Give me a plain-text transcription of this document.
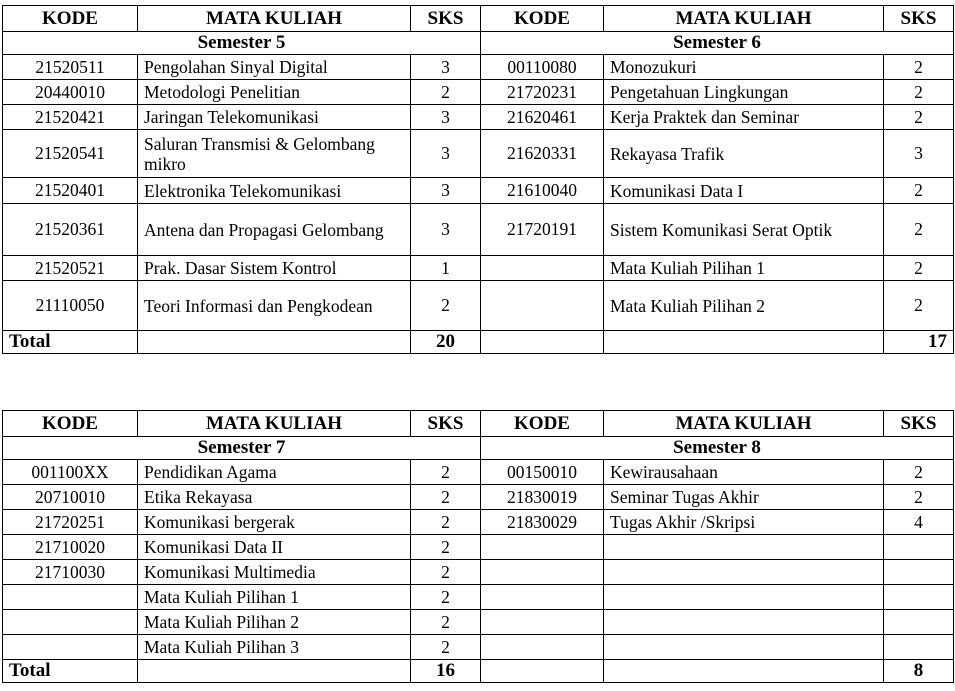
KODE	MATA KULIAH	SKS	KODE	MATA KULIAH	SKS
Semester 5			Semester 6		
21520511	Pengolahan Sinyal Digital	3	00110080	Monozukuri	2
20440010	Metodologi Penelitian	2	21720231	Pengetahuan Lingkungan	2
21520421	Jaringan Telekomunikasi	3	21620461	Kerja Praktek dan Seminar	2
21520541	Saluran Transmisi & Gelombang mikro	3	21620331	Rekayasa Trafik	3
21520401	Elektronika Telekomunikasi	3	21610040	Komunikasi Data I	2
21520361	Antena dan Propagasi Gelombang	3	21720191	Sistem Komunikasi Serat Optik	2
21520521	Prak. Dasar Sistem Kontrol	1		Mata Kuliah Pilihan 1	2
21110050	Teori Informasi dan Pengkodean	2		Mata Kuliah Pilihan 2	2
Total		20			17
KODE	MATA KULIAH	SKS	KODE	MATA KULIAH	SKS
Semester 7			Semester 8		
001100XX	Pendidikan Agama	2	00150010	Kewirausahaan	2
20710010	Etika Rekayasa	2	21830019	Seminar Tugas Akhir	2
21720251	Komunikasi bergerak	2	21830029	Tugas Akhir /Skripsi	4
21710020	Komunikasi Data II	2			
21710030	Komunikasi Multimedia	2			
	Mata Kuliah Pilihan 1	2			
	Mata Kuliah Pilihan 2	2			
	Mata Kuliah Pilihan 3	2			
Total		16			8
